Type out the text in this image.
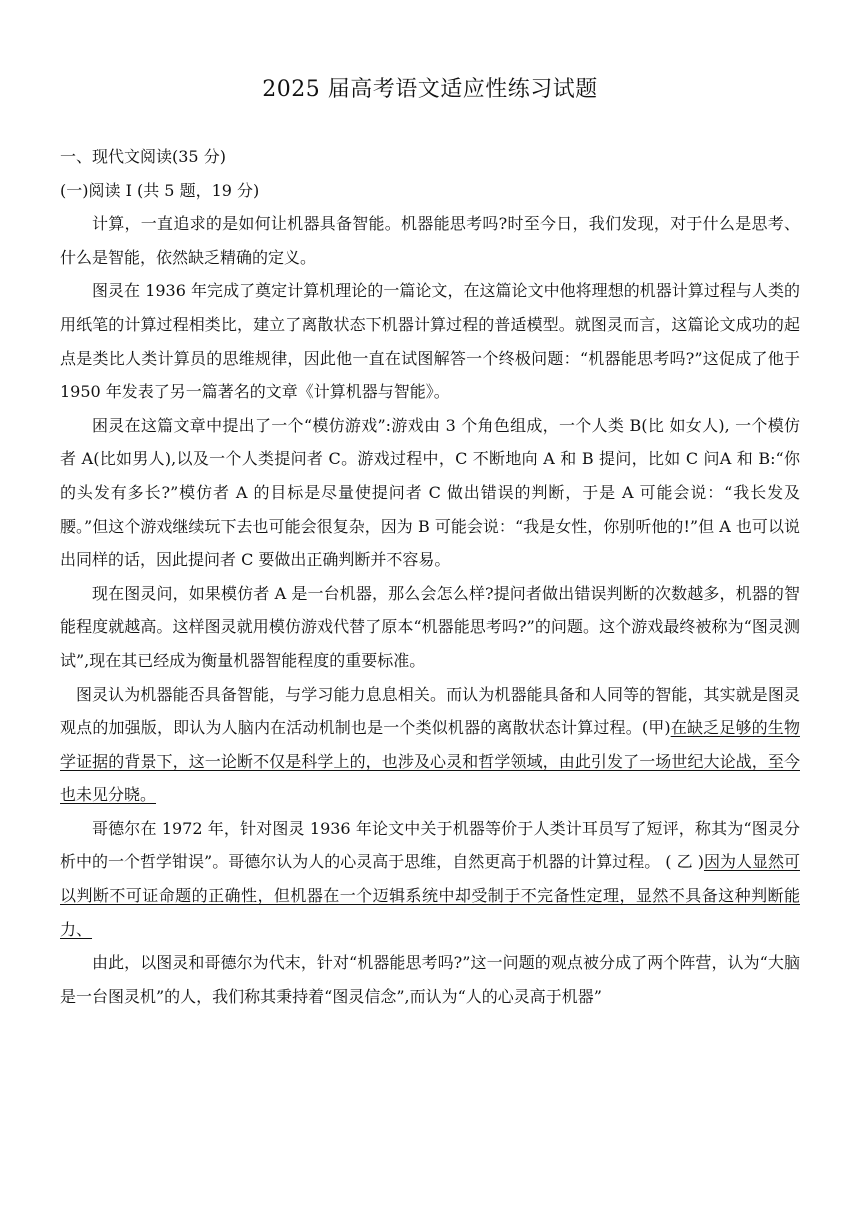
2025 届高考语文适应性练习试题

一、现代文阅读(35 分)

(一)阅读 I (共 5 题，19 分)

计算，一直追求的是如何让机器具备智能。机器能思考吗?时至今日，我们发现，对于什么是思考、什么是智能，依然缺乏精确的定义。

图灵在 1936 年完成了奠定计算机理论的一篇论文，在这篇论文中他将理想的机器计算过程与人类的用纸笔的计算过程相类比，建立了离散状态下机器计算过程的普适模型。就图灵而言，这篇论文成功的起点是类比人类计算员的思维规律，因此他一直在试图解答一个终极问题：“机器能思考吗?”这促成了他于 1950 年发表了另一篇著名的文章《计算机器与智能》。

困灵在这篇文章中提出了一个“模仿游戏”:游戏由 3 个角色组成，一个人类 B(比 如女人), 一个模仿者 A(比如男人),以及一个人类提问者 C。游戏过程中，C 不断地向 A 和 B 提问，比如 C 问A 和 B:“你的头发有多长?”模仿者 A 的目标是尽量使提问者 C 做出错误的判断，于是 A 可能会说：“我长发及腰。”但这个游戏继续玩下去也可能会很复杂，因为 B 可能会说：“我是女性，你别听他的!”但 A 也可以说出同样的话，因此提问者 C 要做出正确判断并不容易。

现在图灵问，如果模仿者 A 是一台机器，那么会怎么样?提问者做出错误判断的次数越多，机器的智能程度就越高。这样图灵就用模仿游戏代替了原本“机器能思考吗?”的问题。这个游戏最终被称为“图灵测试”,现在其已经成为衡量机器智能程度的重要标准。

图灵认为机器能否具备智能，与学习能力息息相关。而认为机器能具备和人同等的智能，其实就是图灵观点的加强版，即认为人脑内在活动机制也是一个类似机器的离散状态计算过程。(甲)在缺乏足够的生物学证据的背景下，这一论断不仅是科学上的，也涉及心灵和哲学领域，由此引发了一场世纪大论战，至今也未见分晓。

哥德尔在 1972 年，针对图灵 1936 年论文中关于机器等价于人类计耳员写了短评，称其为“图灵分析中的一个哲学钳误”。哥德尔认为人的心灵高于思维，自然更高于机器的计算过程。 ( 乙 )因为人显然可以判断不可证命题的正确性，但机器在一个迈辑系统中却受制于不完备性定理，显然不具备这种判断能力、

由此，以图灵和哥德尔为代末，针对“机器能思考吗?”这一问题的观点被分成了两个阵营，认为“大脑是一台图灵机”的人，我们称其秉持着“图灵信念”,而认为“人的心灵高于机器”
